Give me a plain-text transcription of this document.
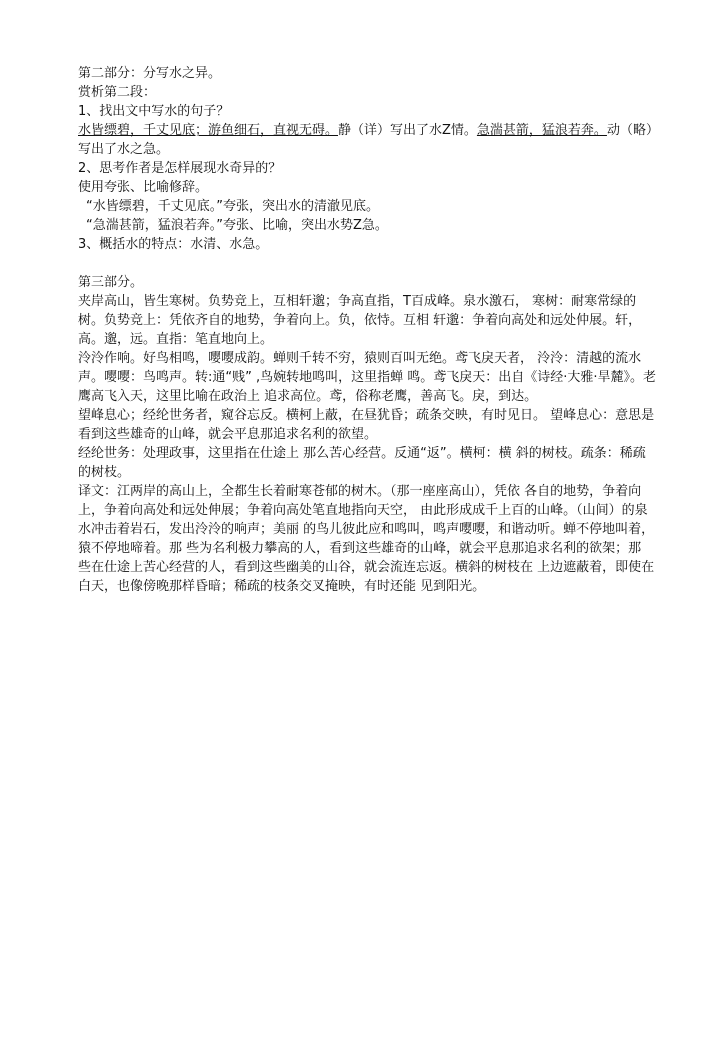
第二部分：分写水之异。

赏析第二段：

1、找出文中写水的句子？

水皆缥碧，千丈见底；游鱼细石，直视无碍。静（详）写出了水Z情。急湍甚箭，猛浪若奔。动（略）写出了水之急。

2、思考作者是怎样展现水奇异的？

使用夸张、比喻修辞。

“水皆缥碧，千丈见底。”夸张，突出水的清澈见底。

“急湍甚箭，猛浪若奔。”夸张、比喻，突出水势Z急。

3、概括水的特点：水清、水急。

第三部分。

夹岸高山，皆生寒树。负势竞上，互相轩邈；争高直指，T百成峰。泉水激石， 寒树：耐寒常绿的树。负势竞上：凭依齐自的地势，争着向上。负，依恃。互相 轩邈：争着向高处和远处仲展。轩，高。邈，远。直指：笔直地向上。

泠泠作响。好鸟相鸣，嘤嘤成韵。蝉则千转不穷，猿则百叫无绝。鸢飞戾天者， 泠泠：清越的流水声。嘤嘤：鸟鸣声。转:通“贱” ,鸟婉转地鸣叫，这里指蝉 鸣。鸢飞戾天：出自《诗经·大雅·旱麓》。老鹰高飞入天，这里比喻在政治上 追求高位。鸢，俗称老鹰，善高飞。戾，到达。

望峰息心；经纶世务者，窥谷忘反。横柯上蔽，在昼犹昏；疏条交映，有时见日。 望峰息心：意思是看到这些雄奇的山峰，就会平息那追求名利的欲望。

经纶世务：处理政事，这里指在仕途上 那么苦心经营。反通“返”。横柯：横 斜的树枝。疏条：稀疏的树枝。

译文：江两岸的高山上，全都生长着耐寒苍郁的树木。（那一座座高山），凭依 各自的地势，争着向上，争着向高处和远处伸展；争着向高处笔直地指向天空， 由此形成成千上百的山峰。（山间）的泉水冲击着岩石，发出泠泠的响声；美丽 的鸟儿彼此应和鸣叫，鸣声嘤嘤，和谐动听。蝉不停地叫着，猿不停地啼着。那 些为名利极力攀高的人，看到这些雄奇的山峰，就会平息那追求名利的欲架；那 些在仕途上苦心经营的人，看到这些幽美的山谷，就会流连忘返。横斜的树枝在 上边遮蔽着，即使在白天，也像傍晚那样昏暗；稀疏的枝条交叉掩映，有时还能 见到阳光。
